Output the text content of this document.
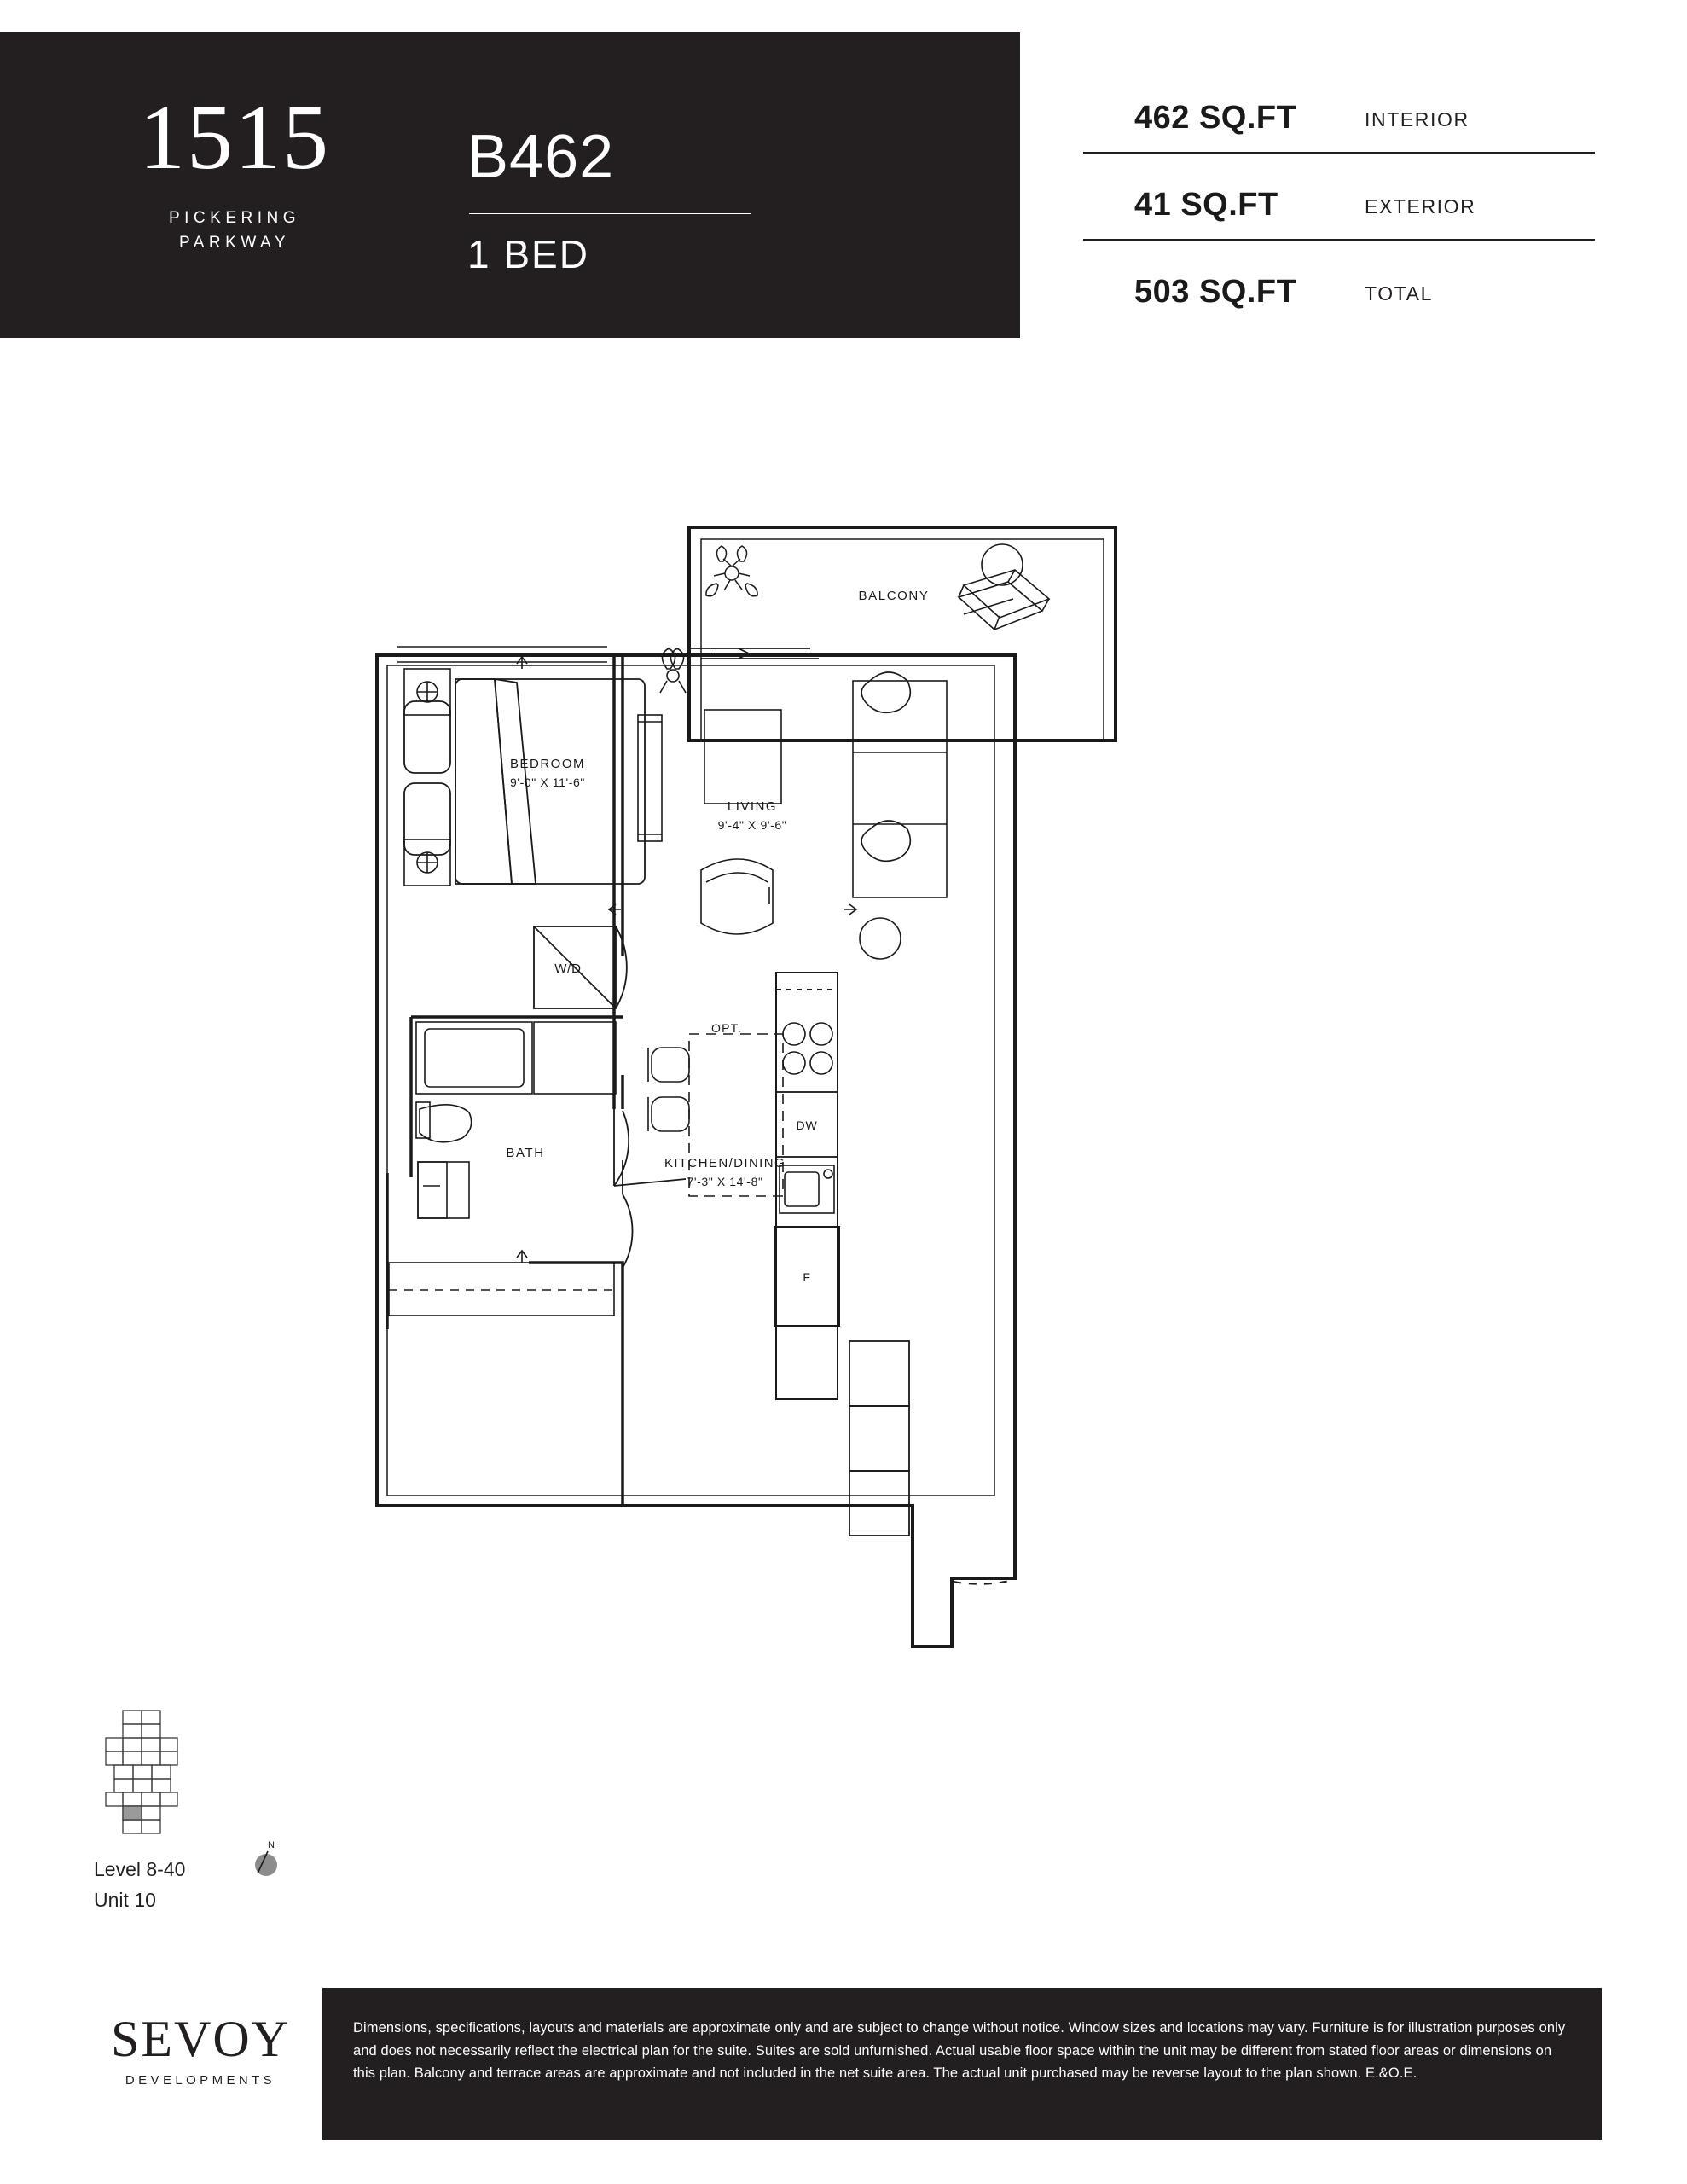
1515
PICKERING
PARKWAY
B462
1 BED
462 SQ.FT	INTERIOR
41 SQ.FT	EXTERIOR
503 SQ.FT	TOTAL
BALCONY
BEDROOM
9'-0" X 11'-6"
LIVING
9'-4" X 9'-6"
W/D
BATH
DW
F
OPT.
KITCHEN/DINING
7'-3" X 14'-8"
Level 8-40
Unit 10
N
SEVOY
DEVELOPMENTS

Dimensions, specifications, layouts and materials are approximate only and are subject to change without notice. Window sizes and locations may vary. Furniture is for illustration purposes only and does not necessarily reflect the electrical plan for the suite. Suites are sold unfurnished. Actual usable floor space within the unit may be different from stated floor areas or dimensions on this plan. Balcony and terrace areas are approximate and not included in the net suite area. The actual unit purchased may be reverse layout to the plan shown. E.&O.E.
